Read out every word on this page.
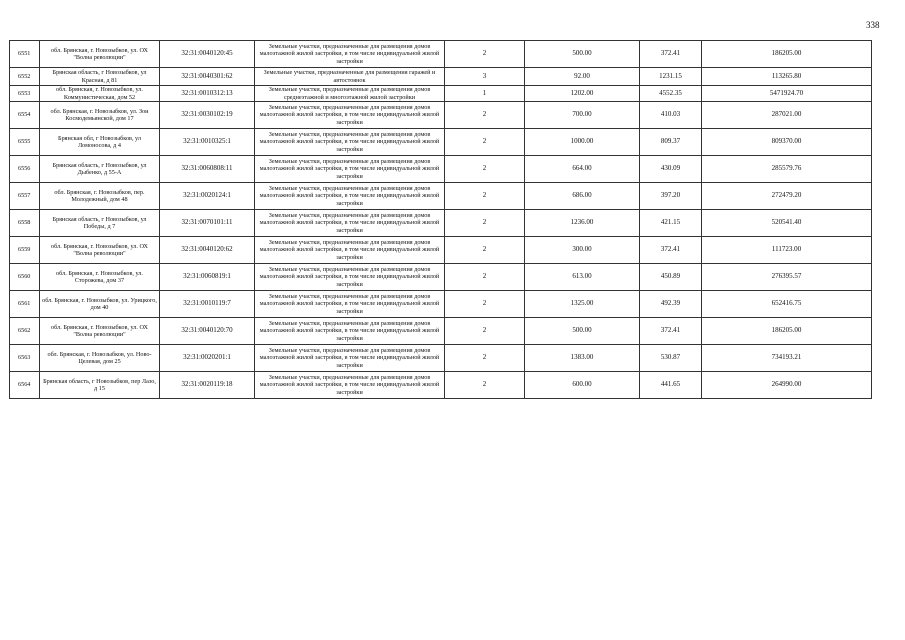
338
6551	обл. Брянская, г. Новозыбков, ул. ОХ "Волна революции"	32:31:0040120:45	Земельные участки, предназначенные для размещения домов малоэтажной жилой застройки, в том числе индивидуальной жилой застройки	2	500.00	372.41	186205.00
6552	Брянская область, г Новозыбков, ул Красная, д 81	32:31:0040301:62	Земельные участки, предназначенные для размещения гаражей и автостоянок	3	92.00	1231.15	113265.80
6553	обл. Брянская, г. Новозыбков, ул. Коммунистическая, дом 52	32:31:0010312:13	Земельные участки, предназначенные для размещения домов среднеэтажной и многоэтажной жилой застройки	1	1202.00	4552.35	5471924.70
6554	обл. Брянская, г. Новозыбков, ул. Зои Космодемьянской, дом 17	32:31:0030102:19	Земельные участки, предназначенные для размещения домов малоэтажной жилой застройки, в том числе индивидуальной жилой застройки	2	700.00	410.03	287021.00
6555	Брянская обл, г Новозыбков, ул Ломоносова, д 4	32:31:0010325:1	Земельные участки, предназначенные для размещения домов малоэтажной жилой застройки, в том числе индивидуальной жилой застройки	2	1000.00	809.37	809370.00
6556	Брянская область, г Новозыбков, ул Дыбенко, д 55-А	32:31:0060808:11	Земельные участки, предназначенные для размещения домов малоэтажной жилой застройки, в том числе индивидуальной жилой застройки	2	664.00	430.09	285579.76
6557	обл. Брянская, г. Новозыбков, пер. Молодежный, дом 48	32:31:0020124:1	Земельные участки, предназначенные для размещения домов малоэтажной жилой застройки, в том числе индивидуальной жилой застройки	2	686.00	397.20	272479.20
6558	Брянская область, г Новозыбков, ул Победы, д 7	32:31:0070101:11	Земельные участки, предназначенные для размещения домов малоэтажной жилой застройки, в том числе индивидуальной жилой застройки	2	1236.00	421.15	520541.40
6559	обл. Брянская, г. Новозыбков, ул. ОХ "Волна революции"	32:31:0040120:62	Земельные участки, предназначенные для размещения домов малоэтажной жилой застройки, в том числе индивидуальной жилой застройки	2	300.00	372.41	111723.00
6560	обл. Брянская, г. Новозыбков, ул. Сторожева, дом 37	32:31:0060819:1	Земельные участки, предназначенные для размещения домов малоэтажной жилой застройки, в том числе индивидуальной жилой застройки	2	613.00	450.89	276395.57
6561	обл. Брянская, г. Новозыбков, ул. Урицкого, дом 40	32:31:0010119:7	Земельные участки, предназначенные для размещения домов малоэтажной жилой застройки, в том числе индивидуальной жилой застройки	2	1325.00	492.39	652416.75
6562	обл. Брянская, г. Новозыбков, ул. ОХ "Волна революции"	32:31:0040120:70	Земельные участки, предназначенные для размещения домов малоэтажной жилой застройки, в том числе индивидуальной жилой застройки	2	500.00	372.41	186205.00
6563	обл. Брянская, г. Новозыбков, ул. Ново-Целевая, дом 25	32:31:0020201:1	Земельные участки, предназначенные для размещения домов малоэтажной жилой застройки, в том числе индивидуальной жилой застройки	2	1383.00	530.87	734193.21
6564	Брянская область, г Новозыбков, пер Лазо, д 15	32:31:0020119:18	Земельные участки, предназначенные для размещения домов малоэтажной жилой застройки, в том числе индивидуальной жилой застройки	2	600.00	441.65	264990.00
